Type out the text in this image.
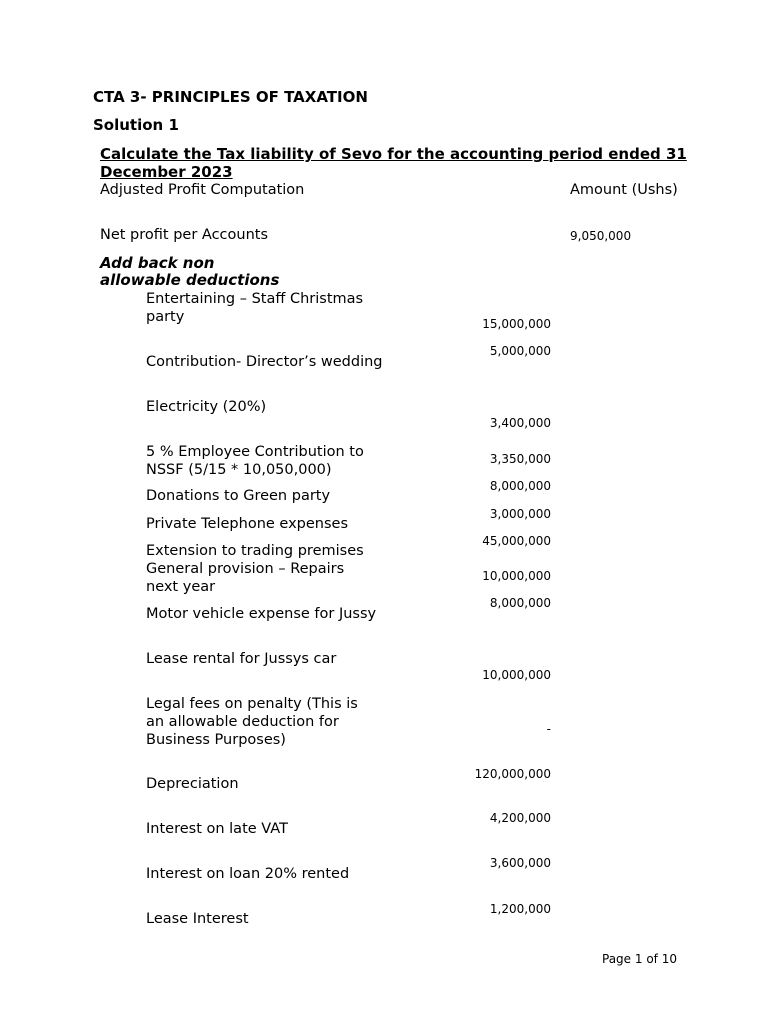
CTA 3- PRINCIPLES OF TAXATION
Solution 1
Calculate the Tax liability of Sevo for the accounting period ended 31 December 2023
Adjusted Profit Computation	Amount (Ushs)
Net profit per Accounts	9,050,000
Add back non allowable deductions
Entertaining – Staff Christmas party
Contribution- Director’s wedding
Electricity (20%)
5 % Employee Contribution to NSSF (5/15 * 10,050,000)
Donations to Green party
Private Telephone expenses
Extension to trading premises
General provision – Repairs next year
Motor vehicle expense for Jussy
Lease rental for Jussys car
Legal fees on penalty (This is an allowable deduction for Business Purposes)
Depreciation
Interest on late VAT
Interest on loan 20% rented
Lease Interest
15,000,000
5,000,000
3,400,000
3,350,000
8,000,000
3,000,000
45,000,000
10,000,000
8,000,000
10,000,000
-
120,000,000
4,200,000
3,600,000
1,200,000
Page 1 of 10
